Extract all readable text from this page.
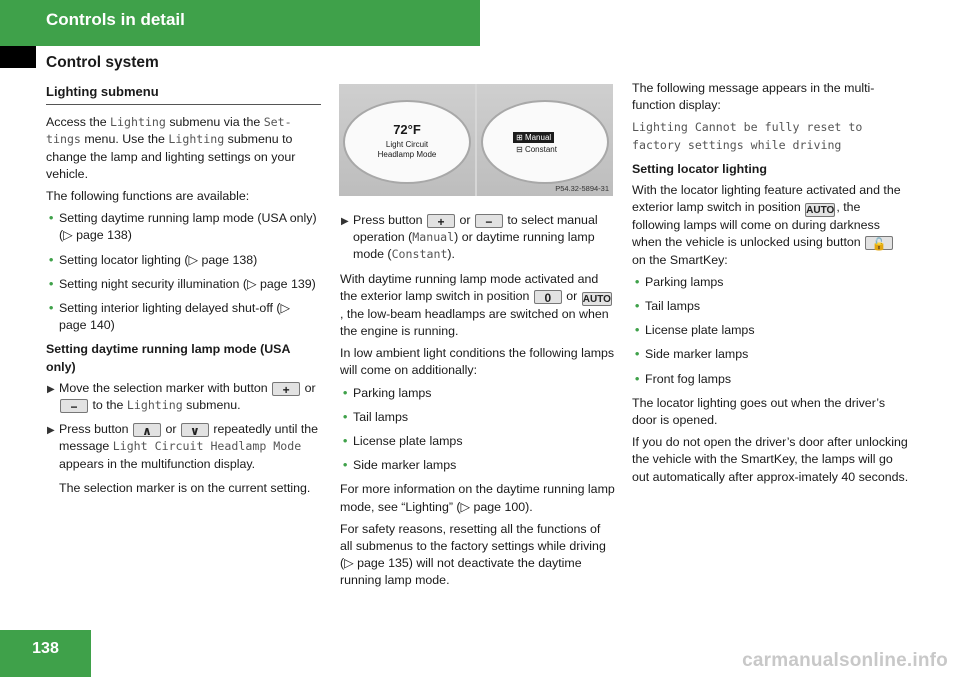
Controls in detail
Control system
Lighting submenu
Access the Lighting submenu via the Set-tings menu. Use the Lighting submenu to change the lamp and lighting settings on your vehicle.
The following functions are available:
• Setting daytime running lamp mode (USA only) (▷ page 138)
• Setting locator lighting (▷ page 138)
• Setting night security illumination (▷ page 139)
• Setting interior lighting delayed shut-off (▷ page 140)
Setting daytime running lamp mode (USA only)
▶ Move the selection marker with button + or − to the Lighting submenu.
▶ Press button ∧ or ∨ repeatedly until the message Light Circuit Headlamp Mode appears in the multifunction display.
The selection marker is on the current setting.
72°F
Light Circuit
Headlamp Mode
⊞ Manual
⊟ Constant
P54.32-5894-31
▶ Press button + or − to select manual operation (Manual) or daytime running lamp mode (Constant).
With daytime running lamp mode activated and the exterior lamp switch in position 0 or AUTO, the low-beam headlamps are switched on when the engine is running.
In low ambient light conditions the following lamps will come on additionally:
• Parking lamps
• Tail lamps
• License plate lamps
• Side marker lamps
For more information on the daytime running lamp mode, see “Lighting” (▷ page 100).
For safety reasons, resetting all the functions of all submenus to the factory settings while driving (▷ page 135) will not deactivate the daytime running lamp mode.
The following message appears in the multi-function display:
Lighting Cannot be fully reset to factory settings while driving
Setting locator lighting
With the locator lighting feature activated and the exterior lamp switch in position AUTO , the following lamps will come on during darkness when the vehicle is unlocked using button 🔓 on the SmartKey:
• Parking lamps
• Tail lamps
• License plate lamps
• Side marker lamps
• Front fog lamps
The locator lighting goes out when the driver’s door is opened.
If you do not open the driver’s door after unlocking the vehicle with the SmartKey, the lamps will go out automatically after approx-imately 40 seconds.
138
carmanualsonline.info
